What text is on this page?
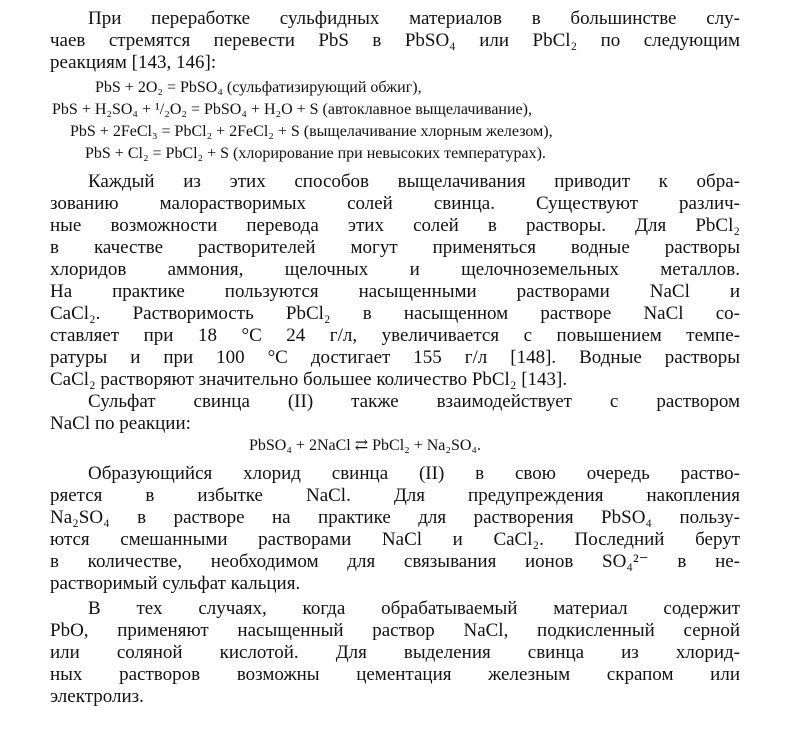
При переработке сульфидных материалов в большинстве слу-
чаев стремятся перевести PbS в PbSO₄ или PbCl₂ по следующим
реакциям [143, 146]:
PbS + 2O₂ = PbSO₄ (сульфатизирующий обжиг),
PbS + H₂SO₄ + ¹/₂O₂ = PbSO₄ + H₂O + S (автоклавное выщелачивание),
PbS + 2FeCl₃ = PbCl₂ + 2FeCl₂ + S (выщелачивание хлорным железом),
PbS + Cl₂ = PbCl₂ + S (хлорирование при невысоких температурах).
Каждый из этих способов выщелачивания приводит к обра-
зованию малорастворимых солей свинца. Существуют различ-
ные возможности перевода этих солей в растворы. Для PbCl₂
в качестве растворителей могут применяться водные растворы
хлоридов аммония, щелочных и щелочноземельных металлов.
На практике пользуются насыщенными растворами NaCl и
CaCl₂. Растворимость PbCl₂ в насыщенном растворе NaCl со-
ставляет при 18 °C 24 г/л, увеличивается с повышением темпе-
ратуры и при 100 °C достигает 155 г/л [148]. Водные растворы
CaCl₂ растворяют значительно большее количество PbCl₂ [143].
Сульфат свинца (II) также взаимодействует с раствором
NaCl по реакции:
PbSO₄ + 2NaCl ⇄ PbCl₂ + Na₂SO₄.
Образующийся хлорид свинца (II) в свою очередь раство-
ряется в избытке NaCl. Для предупреждения накопления
Na₂SO₄ в растворе на практике для растворения PbSO₄ пользу-
ются смешанными растворами NaCl и CaCl₂. Последний берут
в количестве, необходимом для связывания ионов SO₄²⁻ в не-
растворимый сульфат кальция.
В тех случаях, когда обрабатываемый материал содержит
PbO, применяют насыщенный раствор NaCl, подкисленный серной
или соляной кислотой. Для выделения свинца из хлорид-
ных растворов возможны цементация железным скрапом или
электролиз.
